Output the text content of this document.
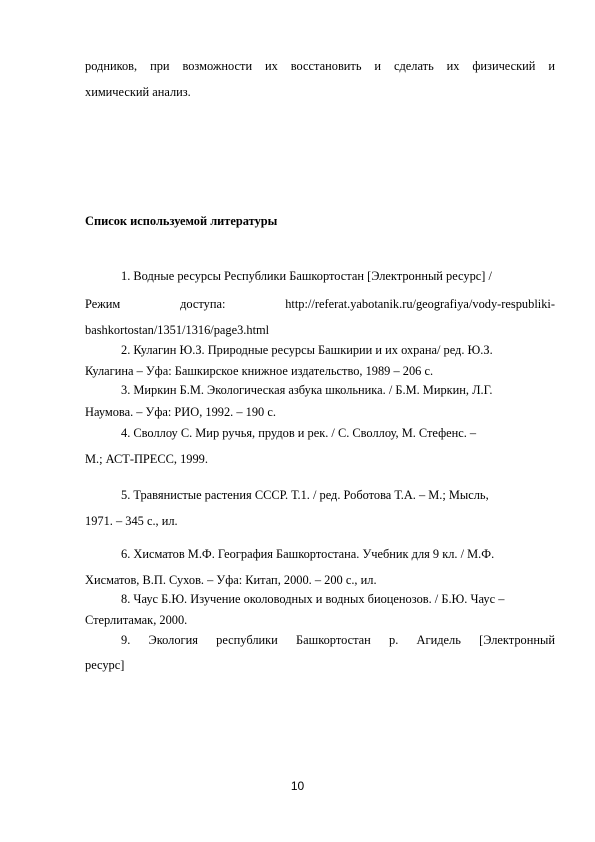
родников, при возможности их восстановить и сделать их физический и
химический анализ.
Список используемой литературы
1. Водные ресурсы Республики Башкортостан [Электронный ресурс] /
Режим	доступа:	http://referat.yabotanik.ru/geografiya/vody-respubliki-
bashkortostan/1351/1316/page3.html
2. Кулагин Ю.З. Природные ресурсы Башкирии и их охрана/ ред. Ю.З.
Кулагина – Уфа: Башкирское книжное издательство, 1989 – 206 с.
3. Миркин Б.М. Экологическая азбука школьника. / Б.М. Миркин, Л.Г.
Наумова. – Уфа: РИО, 1992. – 190 с.
4. Своллоу С. Мир ручья, прудов и рек. / С. Своллоу, М. Стефенс. –
М.; АСТ-ПРЕСС, 1999.
5. Травянистые растения СССР. Т.1. / ред. Роботова Т.А. – М.; Мысль,
1971. – 345 с., ил.
6. Хисматов М.Ф. География Башкортостана. Учебник для 9 кл. / М.Ф.
Хисматов, В.П. Сухов. – Уфа: Китап, 2000. – 200 с., ил.
8. Чаус Б.Ю. Изучение околоводных и водных биоценозов. / Б.Ю. Чаус –
Стерлитамак, 2000.
9. Экология республики Башкортостан р. Агидель [Электронный
ресурс]
10
